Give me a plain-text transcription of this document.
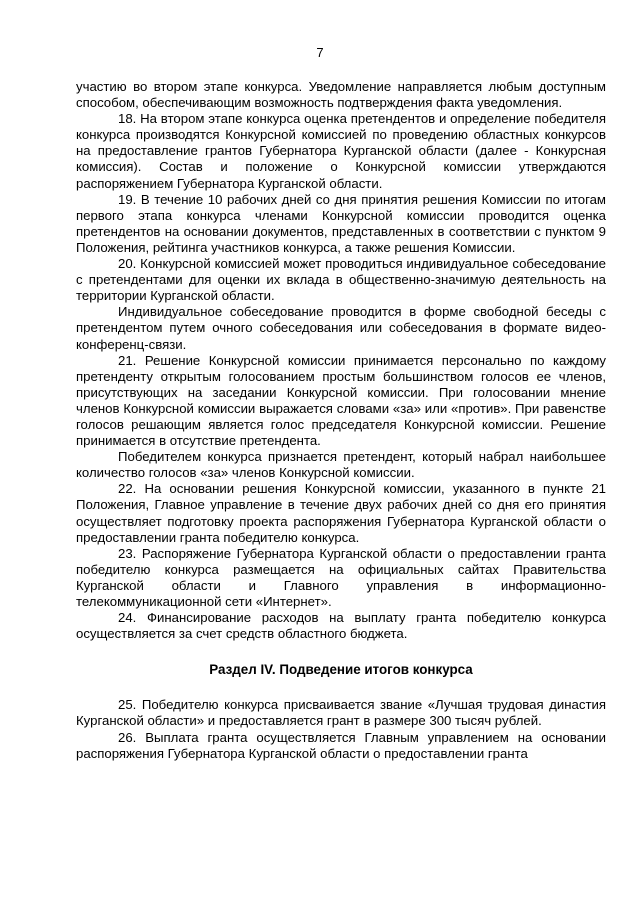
7

участию во втором этапе конкурса. Уведомление направляется любым доступным способом, обеспечивающим возможность подтверждения факта уведомления.

18. На втором этапе конкурса оценка претендентов и определение победителя конкурса производятся Конкурсной комиссией по проведению областных конкурсов на предоставление грантов Губернатора Курганской области (далее - Конкурсная комиссия). Состав и положение о Конкурсной комиссии утверждаются распоряжением Губернатора Курганской области.

19. В течение 10 рабочих дней со дня принятия решения Комиссии по итогам первого этапа конкурса членами Конкурсной комиссии проводится оценка претендентов на основании документов, представленных в соответствии с пунктом 9 Положения, рейтинга участников конкурса, а также решения Комиссии.

20. Конкурсной комиссией может проводиться индивидуальное собеседование с претендентами для оценки их вклада в общественно-значимую деятельность на территории Курганской области.

Индивидуальное собеседование проводится в форме свободной беседы с претендентом путем очного собеседования или собеседования в формате видео-конференц-связи.

21. Решение Конкурсной комиссии принимается персонально по каждому претенденту открытым голосованием простым большинством голосов ее членов, присутствующих на заседании Конкурсной комиссии. При голосовании мнение членов Конкурсной комиссии выражается словами «за» или «против». При равенстве голосов решающим является голос председателя Конкурсной комиссии. Решение принимается в отсутствие претендента.

Победителем конкурса признается претендент, который набрал наибольшее количество голосов «за» членов Конкурсной комиссии.

22. На основании решения Конкурсной комиссии, указанного в пункте 21 Положения, Главное управление в течение двух рабочих дней со дня его принятия осуществляет подготовку проекта распоряжения Губернатора Курганской области о предоставлении гранта победителю конкурса.

23. Распоряжение Губернатора Курганской области о предоставлении гранта победителю конкурса размещается на официальных сайтах Правительства Курганской области и Главного управления в информационно-телекоммуникационной сети «Интернет».

24. Финансирование расходов на выплату гранта победителю конкурса осуществляется за счет средств областного бюджета.

Раздел IV. Подведение итогов конкурса

25. Победителю конкурса присваивается звание «Лучшая трудовая династия Курганской области» и предоставляется грант в размере 300 тысяч рублей.

26. Выплата гранта осуществляется Главным управлением на основании распоряжения Губернатора Курганской области о предоставлении гранта
